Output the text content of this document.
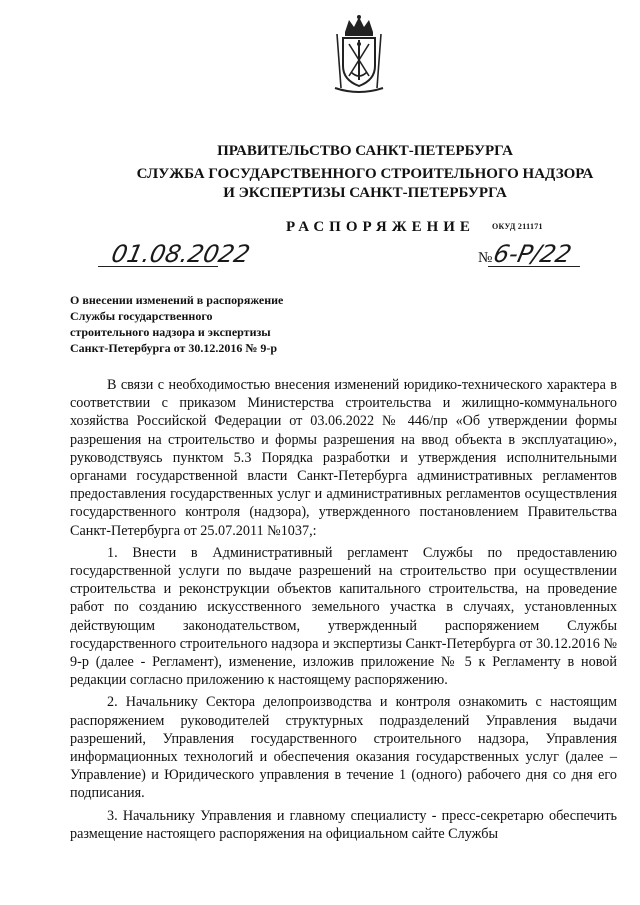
ПРАВИТЕЛЬСТВО САНКТ-ПЕТЕРБУРГА
СЛУЖБА ГОСУДАРСТВЕННОГО СТРОИТЕЛЬНОГО НАДЗОРА
И ЭКСПЕРТИЗЫ САНКТ-ПЕТЕРБУРГА
РАСПОРЯЖЕНИЕ ОКУД 211171
01.08.2022	№
6-Р/22
О внесении изменений в распоряжение
Службы государственного
строительного надзора и экспертизы
Санкт-Петербурга от 30.12.2016 № 9-р

В связи с необходимостью внесения изменений юридико-технического характера в соответствии с приказом Министерства строительства и жилищно-коммунального хозяйства Российской Федерации от 03.06.2022 № 446/пр «Об утверждении формы разрешения на строительство и формы разрешения на ввод объекта в эксплуатацию», руководствуясь пунктом 5.3 Порядка разработки и утверждения исполнительными органами государственной власти Санкт-Петербурга административных регламентов предоставления государственных услуг и административных регламентов осуществления государственного контроля (надзора), утвержденного постановлением Правительства Санкт-Петербурга от 25.07.2011 №1037,:

1. Внести в Административный регламент Службы по предоставлению государственной услуги по выдаче разрешений на строительство при осуществлении строительства и реконструкции объектов капитального строительства, на проведение работ по созданию искусственного земельного участка в случаях, установленных действующим законодательством, утвержденный распоряжением Службы государственного строительного надзора и экспертизы Санкт-Петербурга от 30.12.2016 № 9-р (далее - Регламент), изменение, изложив приложение № 5 к Регламенту в новой редакции согласно приложению к настоящему распоряжению.

2. Начальнику Сектора делопроизводства и контроля ознакомить с настоящим распоряжением руководителей структурных подразделений Управления выдачи разрешений, Управления государственного строительного надзора, Управления информационных технологий и обеспечения оказания государственных услуг (далее – Управление) и Юридического управления в течение 1 (одного) рабочего дня со дня его подписания.

3. Начальнику Управления и главному специалисту - пресс-секретарю обеспечить размещение настоящего распоряжения на официальном сайте Службы
